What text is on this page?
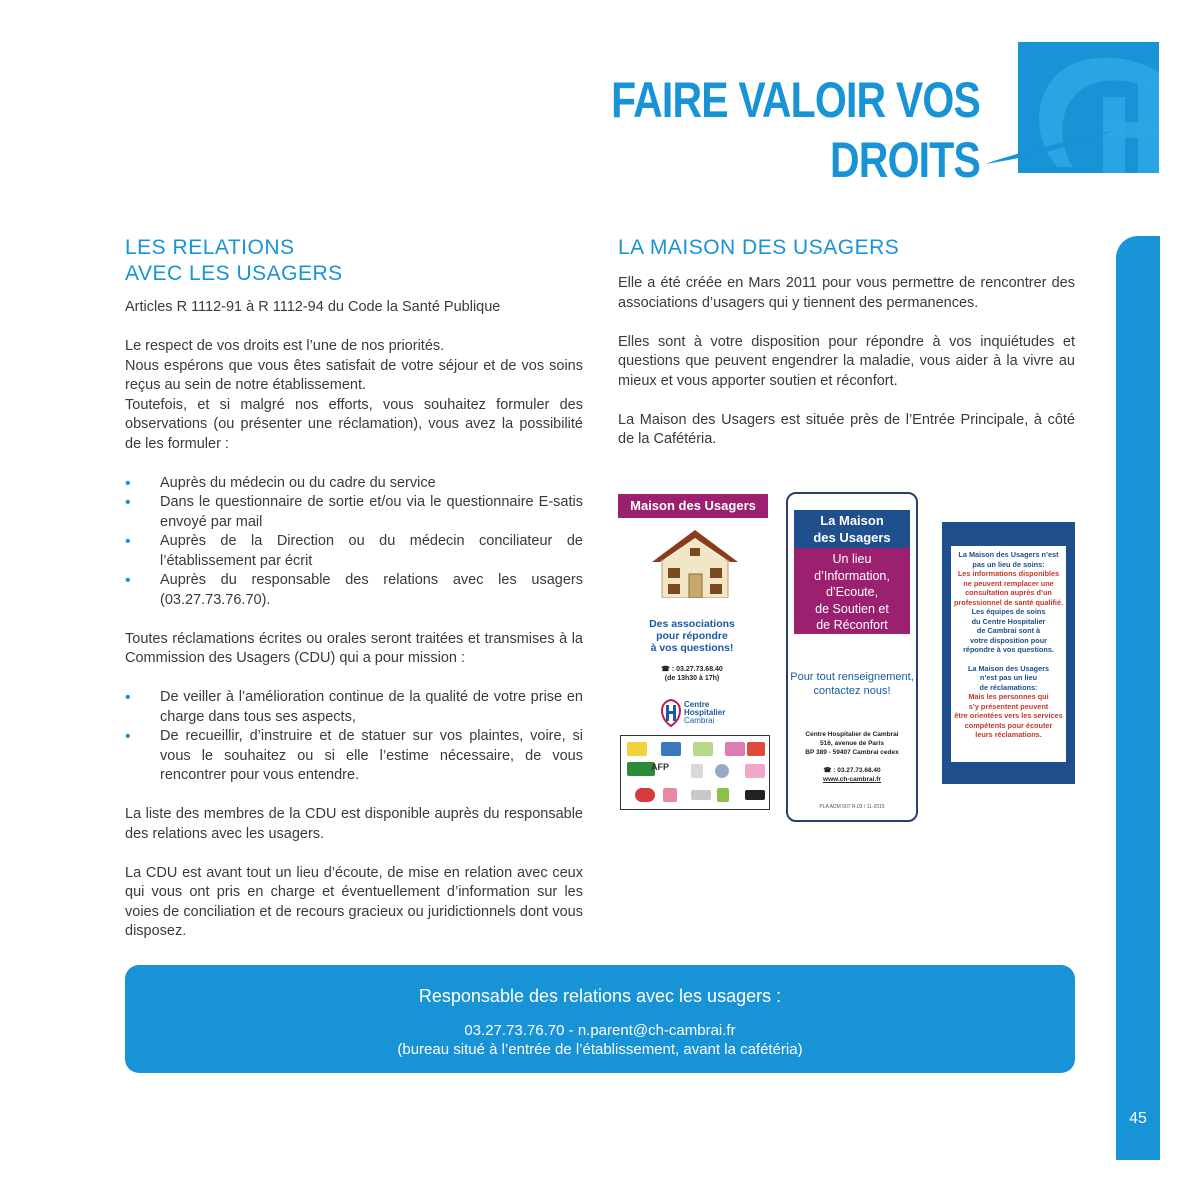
FAIRE VALOIR VOS DROITS
45
LES RELATIONS
AVEC LES USAGERS

Articles R 1112-91 à R 1112-94 du Code la Santé Publique

Le respect de vos droits est l’une de nos priorités.

Nous espérons que vous êtes satisfait de votre séjour et de vos soins reçus au sein de notre établissement.

Toutefois, et si malgré nos efforts, vous souhaitez formuler des observations (ou présenter une réclamation), vous avez la possibilité de les formuler :

• Auprès du médecin ou du cadre du service
• Dans le questionnaire de sortie et/ou via le questionnaire E-satis envoyé par mail
• Auprès de la Direction ou du médecin conciliateur de l’établissement par écrit
• Auprès du responsable des relations avec les usagers (03.27.73.76.70).

Toutes réclamations écrites ou orales seront traitées et transmises à la Commission des Usagers (CDU) qui a pour mission :

• De veiller à l’amélioration continue de la qualité de votre prise en charge dans tous ses aspects,
• De recueillir, d’instruire et de statuer sur vos plaintes, voire, si vous le souhaitez ou si elle l’estime nécessaire, de vous rencontrer pour vous entendre.

La liste des membres de la CDU est disponible auprès du responsable des relations avec les usagers.

La CDU est avant tout un lieu d’écoute, de mise en relation avec ceux qui vous ont pris en charge et éventuellement d’information sur les voies de conciliation et de recours gracieux ou juridictionnels dont vous disposez.

LA MAISON DES USAGERS

Elle a été créée en Mars 2011 pour vous permettre de rencontrer des associations d’usagers qui y tiennent des permanences.

Elles sont à votre disposition pour répondre à vos inquiétudes et questions que peuvent engendrer la maladie, vous aider à la vivre au mieux et vous apporter soutien et réconfort.

La Maison des Usagers est située près de l’Entrée Principale, à côté de la Cafétéria.

Maison des Usagers
Des associations
pour répondre
à vos questions!
☎ : 03.27.73.68.40
(de 13h30 à 17h)
Centre
Hospitalier
Cambrai
AFP
La Maison
des Usagers
Un lieu
d’Information,
d’Ecoute,
de Soutien et
de Réconfort
Pour tout renseignement,
contactez nous!
Centre Hospitalier de Cambrai
516, avenue de Paris
BP 389 - 59407 Cambrai cedex
☎ : 03.27.73.68.40
www.ch-cambrai.fr
PLA ADM 007 R.03 / 11-2015
La Maison des Usagers n’est
pas un lieu de soins:
Les informations disponibles
ne peuvent remplacer une
consultation auprès d’un
professionnel de santé qualifié.
Les équipes de soins
du Centre Hospitalier
de Cambrai sont à
votre disposition pour
répondre à vos questions.
La Maison des Usagers
n’est pas un lieu
de réclamations:
Mais les personnes qui
s’y présentent peuvent
être orientées vers les services
compétents pour écouter
leurs réclamations.
Responsable des relations avec les usagers :
03.27.73.76.70 - n.parent@ch-cambrai.fr
(bureau situé à l’entrée de l’établissement, avant la cafétéria)
